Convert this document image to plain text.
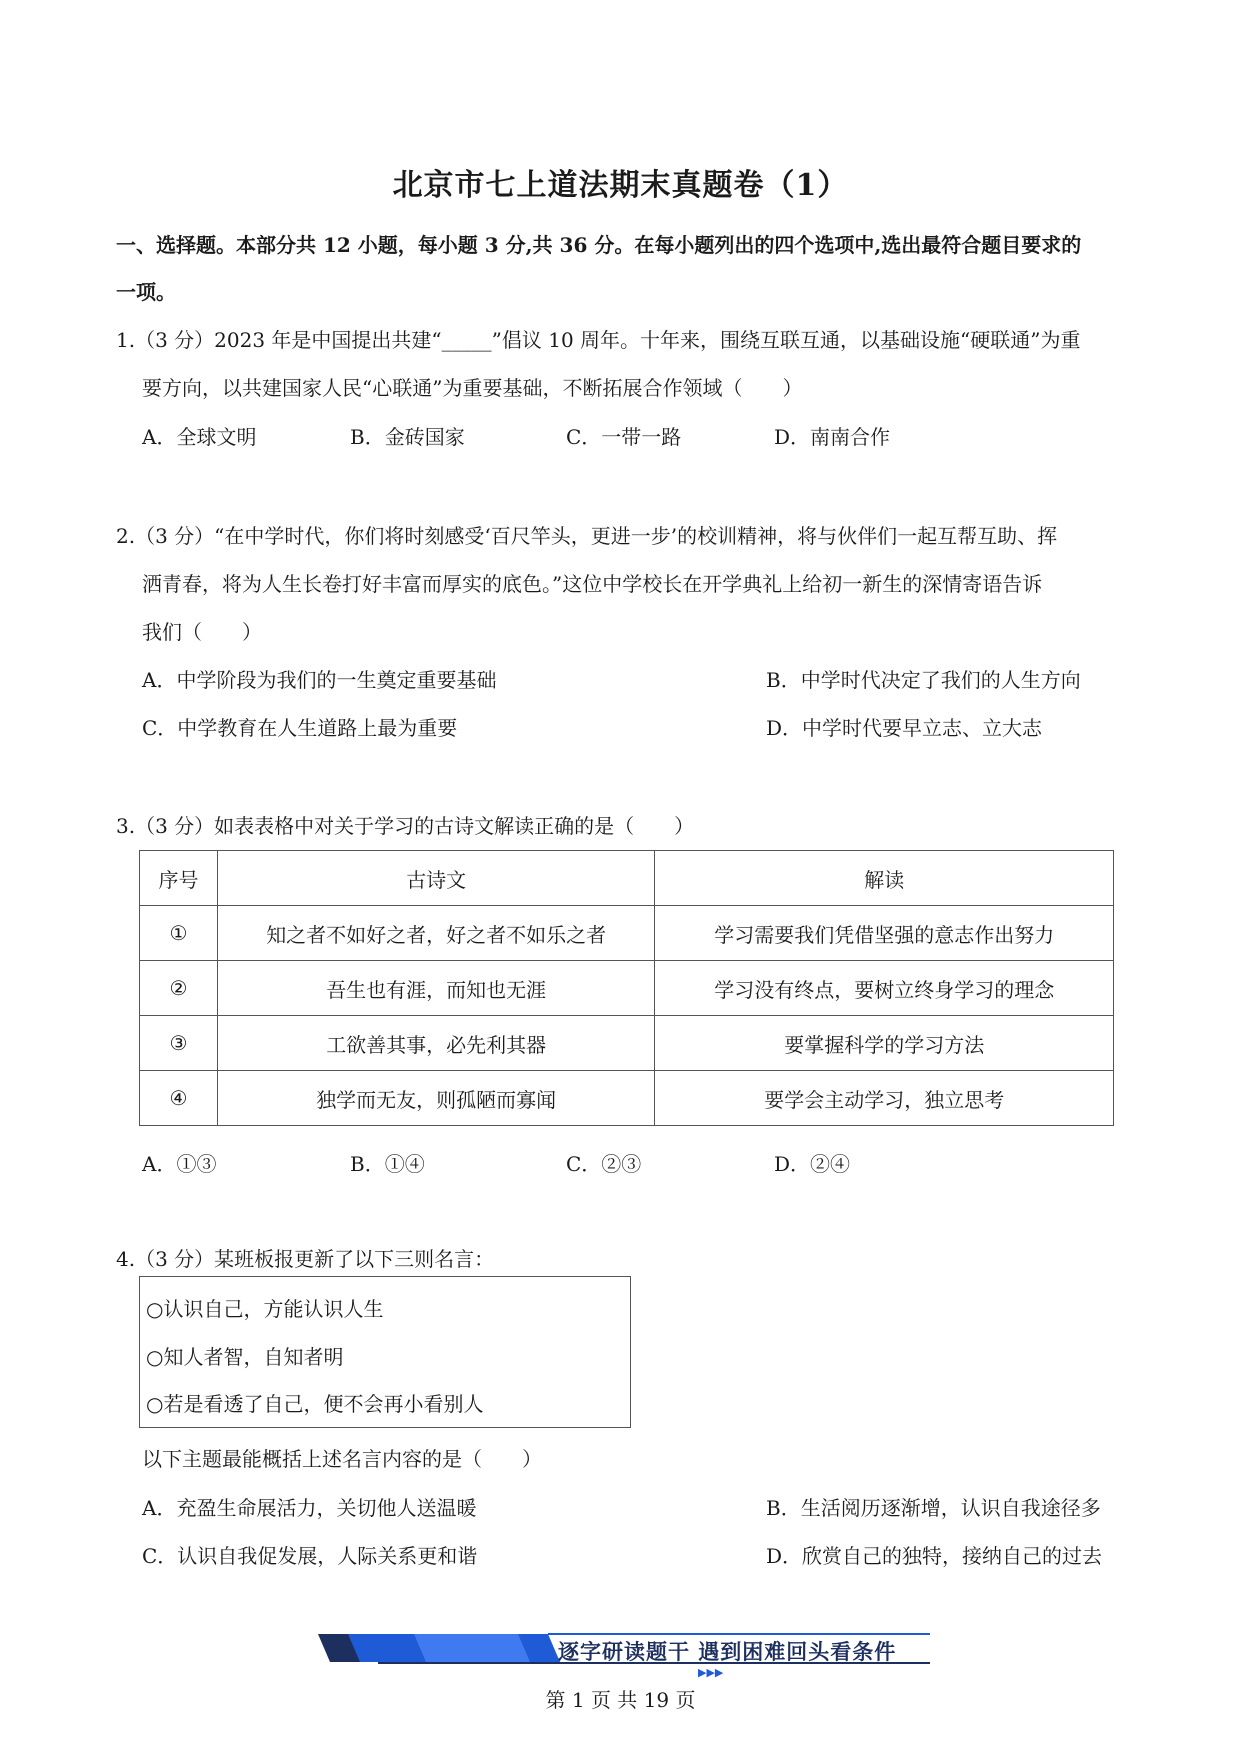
北京市七上道法期末真题卷（1）
一、选择题。本部分共 12 小题，每小题 3 分,共 36 分。在每小题列出的四个选项中,选出最符合题目要求的
一项。
1.（3 分）2023 年是中国提出共建“_____”倡议 10 周年。十年来，围绕互联互通，以基础设施“硬联通”为重
要方向，以共建国家人民“心联通”为重要基础，不断拓展合作领域（　　）
A．全球文明	B．金砖国家	C．一带一路	D．南南合作
2.（3 分）“在中学时代，你们将时刻感受‘百尺竿头，更进一步’的校训精神，将与伙伴们一起互帮互助、挥
洒青春，将为人生长卷打好丰富而厚实的底色。”这位中学校长在开学典礼上给初一新生的深情寄语告诉
我们（　　）
A．中学阶段为我们的一生奠定重要基础	B．中学时代决定了我们的人生方向
C．中学教育在人生道路上最为重要	D．中学时代要早立志、立大志
3.（3 分）如表表格中对关于学习的古诗文解读正确的是（　　）
序号	古诗文	解读
①	知之者不如好之者，好之者不如乐之者	学习需要我们凭借坚强的意志作出努力
②	吾生也有涯，而知也无涯	学习没有终点，要树立终身学习的理念
③	工欲善其事，必先利其器	要掌握科学的学习方法
④	独学而无友，则孤陋而寡闻	要学会主动学习，独立思考
A．①③	B．①④	C．②③	D．②④
4.（3 分）某班板报更新了以下三则名言：
○认识自己，方能认识人生
○知人者智，自知者明
○若是看透了自己，便不会再小看别人
以下主题最能概括上述名言内容的是（　　）
A．充盈生命展活力，关切他人送温暖	B．生活阅历逐渐增，认识自我途径多
C．认识自我促发展，人际关系更和谐	D．欣赏自己的独特，接纳自己的过去
▶▶▶
逐字研读题干 遇到困难回头看条件
第 1 页 共 19 页
